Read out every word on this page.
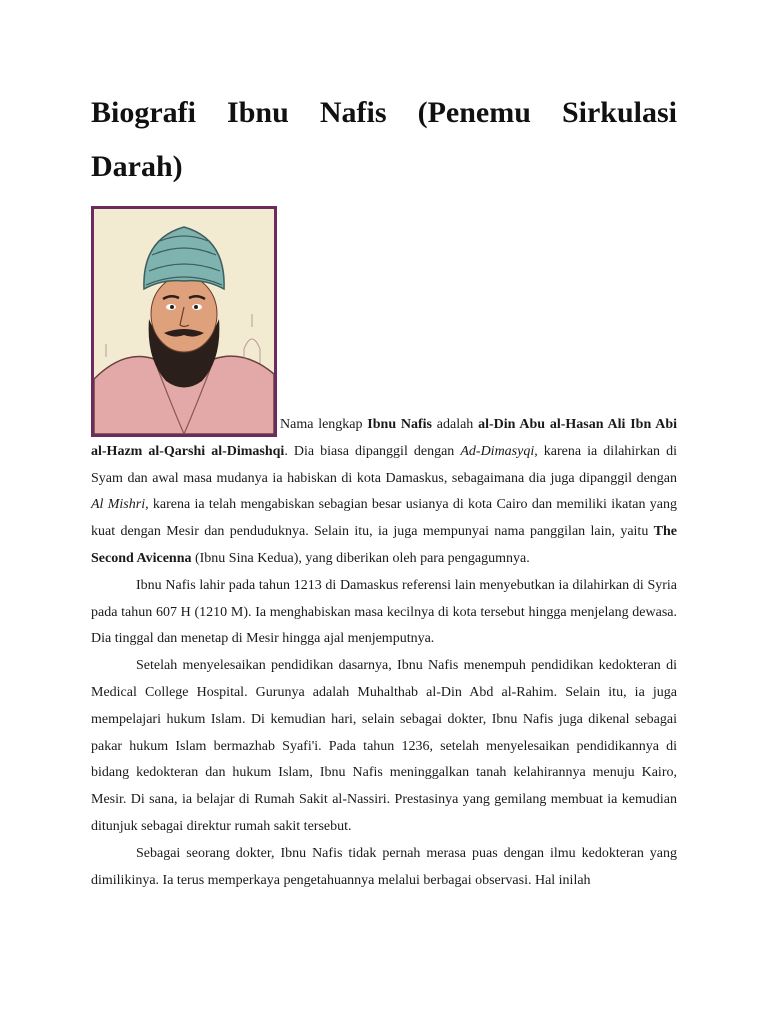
Biografi Ibnu Nafis (Penemu Sirkulasi Darah)

Nama lengkap Ibnu Nafis adalah al-Din Abu al-Hasan Ali Ibn Abi al-Hazm al-Qarshi al-Dimashqi. Dia biasa dipanggil dengan Ad-Dimasyqi, karena ia dilahirkan di Syam dan awal masa mudanya ia habiskan di kota Damaskus, sebagaimana dia juga dipanggil dengan Al Mishri, karena ia telah mengabiskan sebagian besar usianya di kota Cairo dan memiliki ikatan yang kuat dengan Mesir dan penduduknya. Selain itu, ia juga mempunyai nama panggilan lain, yaitu The Second Avicenna (Ibnu Sina Kedua), yang diberikan oleh para pengagumnya.

Ibnu Nafis lahir pada tahun 1213 di Damaskus referensi lain menyebutkan ia dilahirkan di Syria pada tahun 607 H (1210 M). Ia menghabiskan masa kecilnya di kota tersebut hingga menjelang dewasa. Dia tinggal dan menetap di Mesir hingga ajal menjemputnya.

Setelah menyelesaikan pendidikan dasarnya, Ibnu Nafis menempuh pendidikan kedokteran di Medical College Hospital. Gurunya adalah Muhalthab al-Din Abd al-Rahim. Selain itu, ia juga mempelajari hukum Islam. Di kemudian hari, selain sebagai dokter, Ibnu Nafis juga dikenal sebagai pakar hukum Islam bermazhab Syafi'i. Pada tahun 1236, setelah menyelesaikan pendidikannya di bidang kedokteran dan hukum Islam, Ibnu Nafis meninggalkan tanah kelahirannya menuju Kairo, Mesir. Di sana, ia belajar di Rumah Sakit al-Nassiri. Prestasinya yang gemilang membuat ia kemudian ditunjuk sebagai direktur rumah sakit tersebut.

Sebagai seorang dokter, Ibnu Nafis tidak pernah merasa puas dengan ilmu kedokteran yang dimilikinya. Ia terus memperkaya pengetahuannya melalui berbagai observasi. Hal inilah
